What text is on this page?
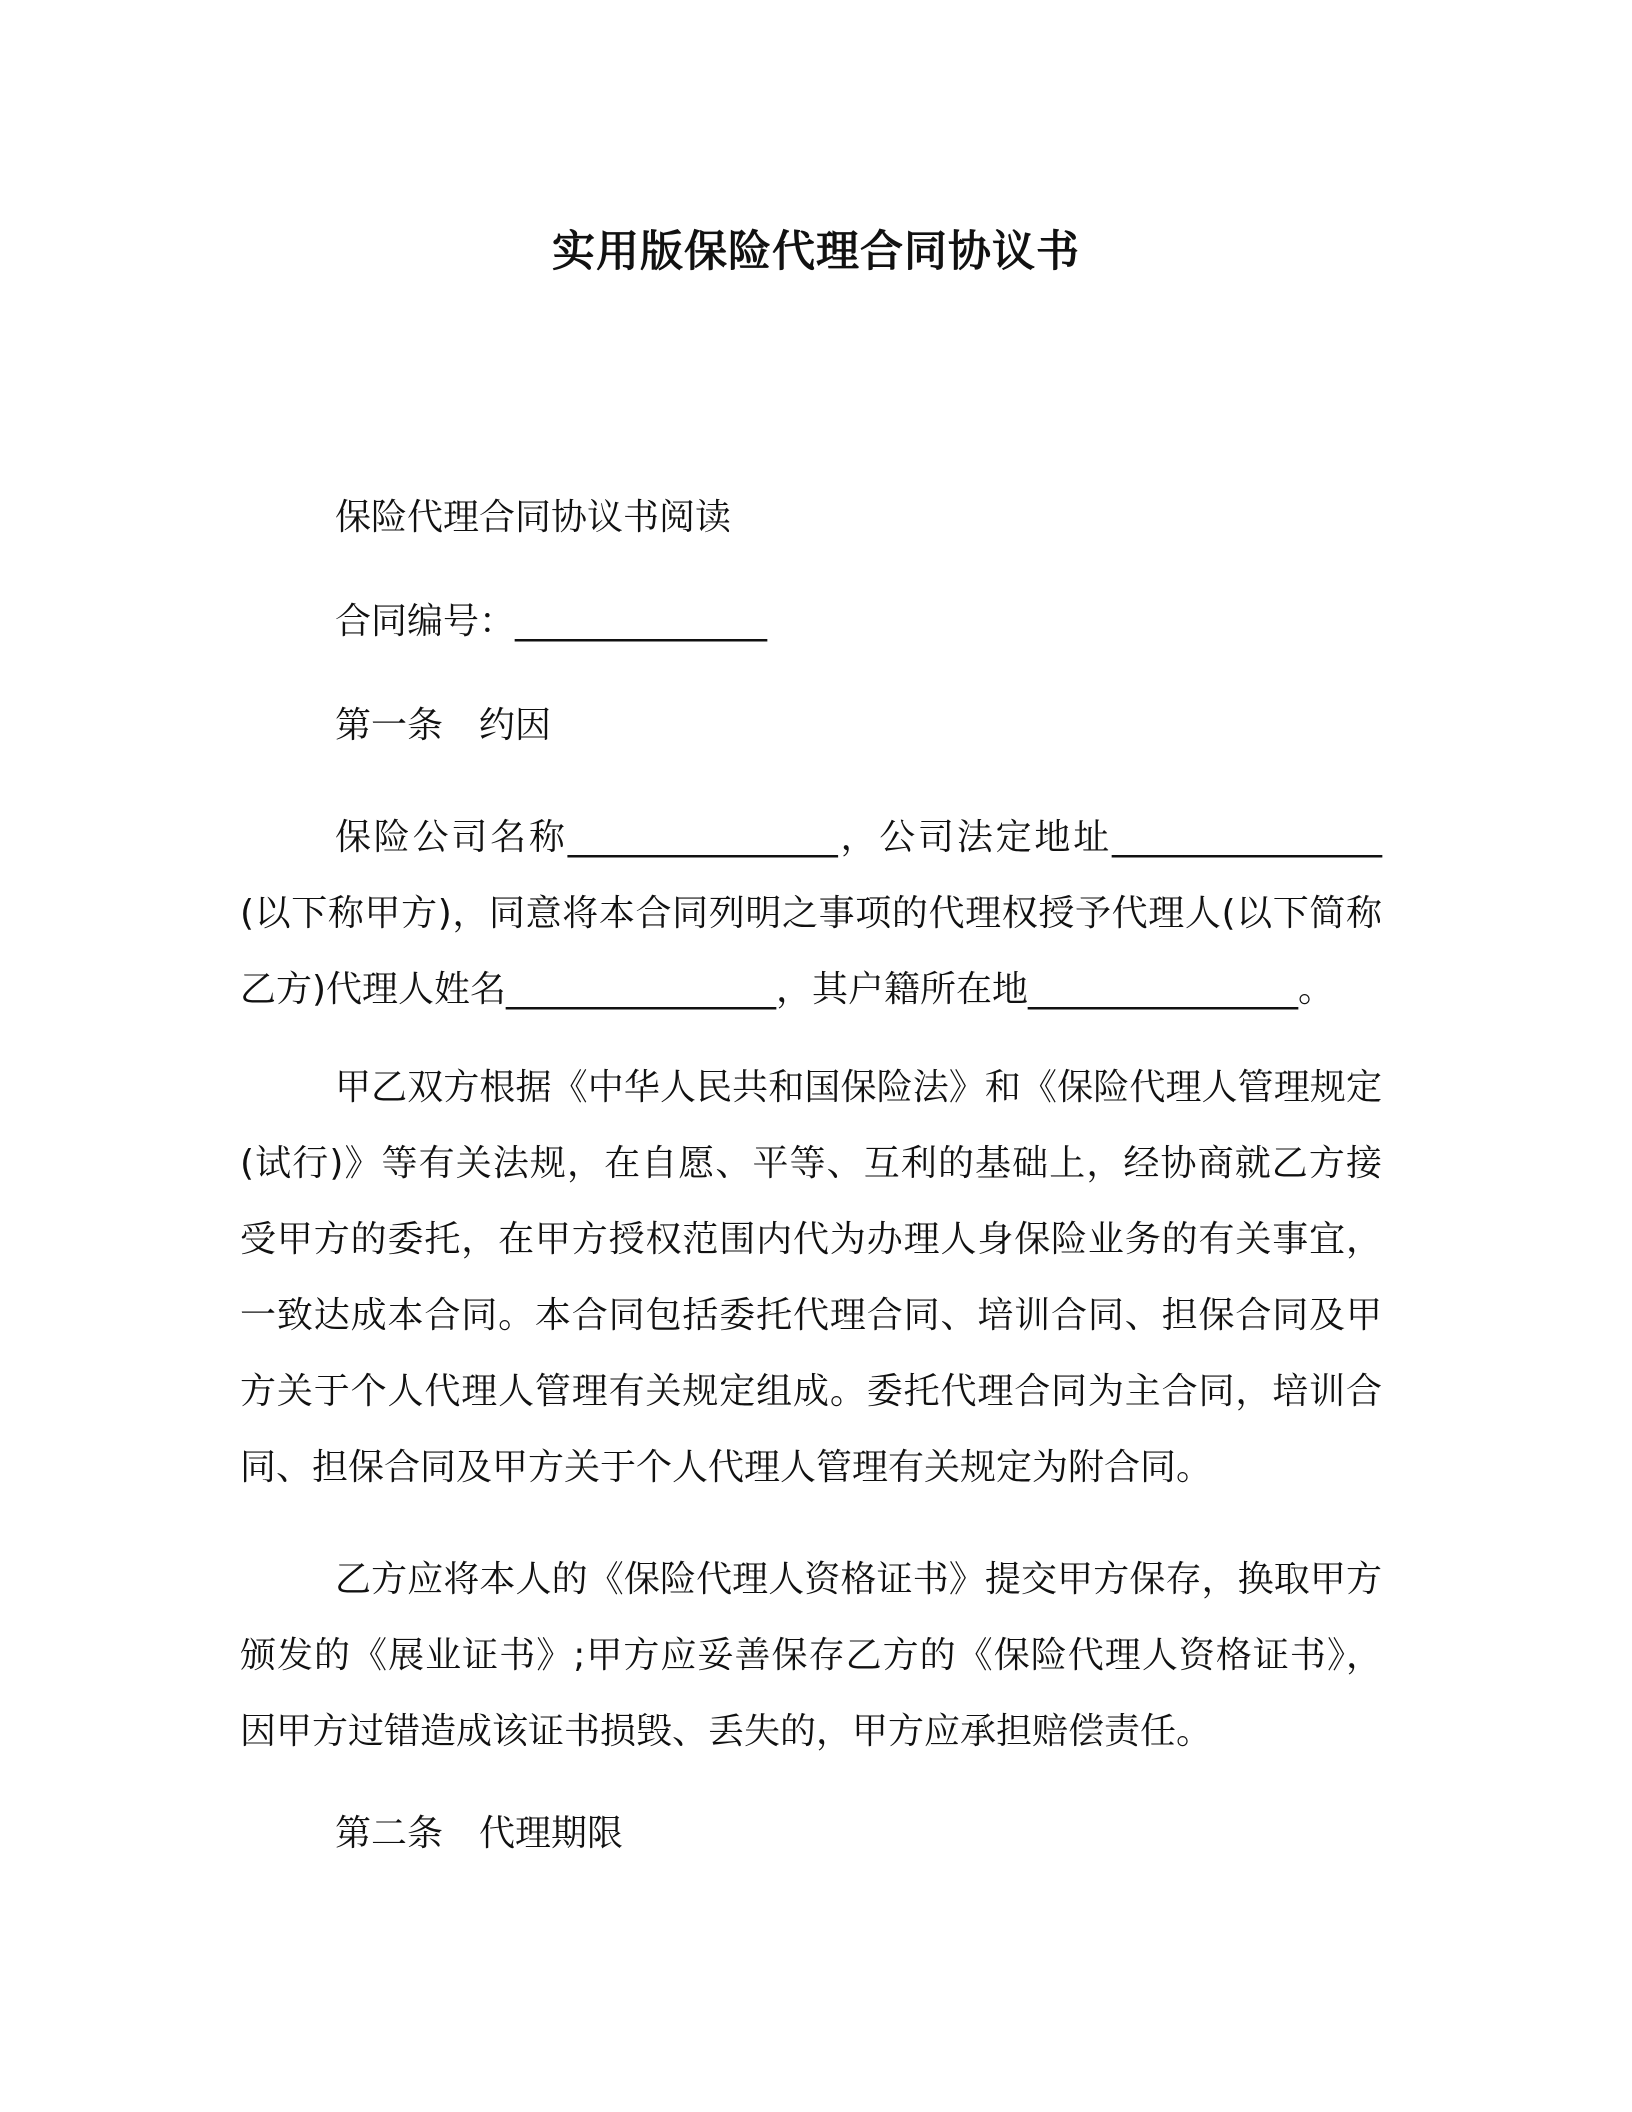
实用版保险代理合同协议书
保险代理合同协议书阅读
合同编号：______________
第一条　约因

保险公司名称_______________，公司法定地址_______________(以下称甲方)，同意将本合同列明之事项的代理权授予代理人(以下简称乙方)代理人姓名_______________，其户籍所在地_______________。

甲乙双方根据《中华人民共和国保险法》和《保险代理人管理规定(试行)》等有关法规，在自愿、平等、互利的基础上，经协商就乙方接受甲方的委托，在甲方授权范围内代为办理人身保险业务的有关事宜，一致达成本合同。本合同包括委托代理合同、培训合同、担保合同及甲方关于个人代理人管理有关规定组成。委托代理合同为主合同，培训合同、担保合同及甲方关于个人代理人管理有关规定为附合同。

乙方应将本人的《保险代理人资格证书》提交甲方保存，换取甲方颁发的《展业证书》;甲方应妥善保存乙方的《保险代理人资格证书》，因甲方过错造成该证书损毁、丢失的，甲方应承担赔偿责任。

第二条　代理期限
